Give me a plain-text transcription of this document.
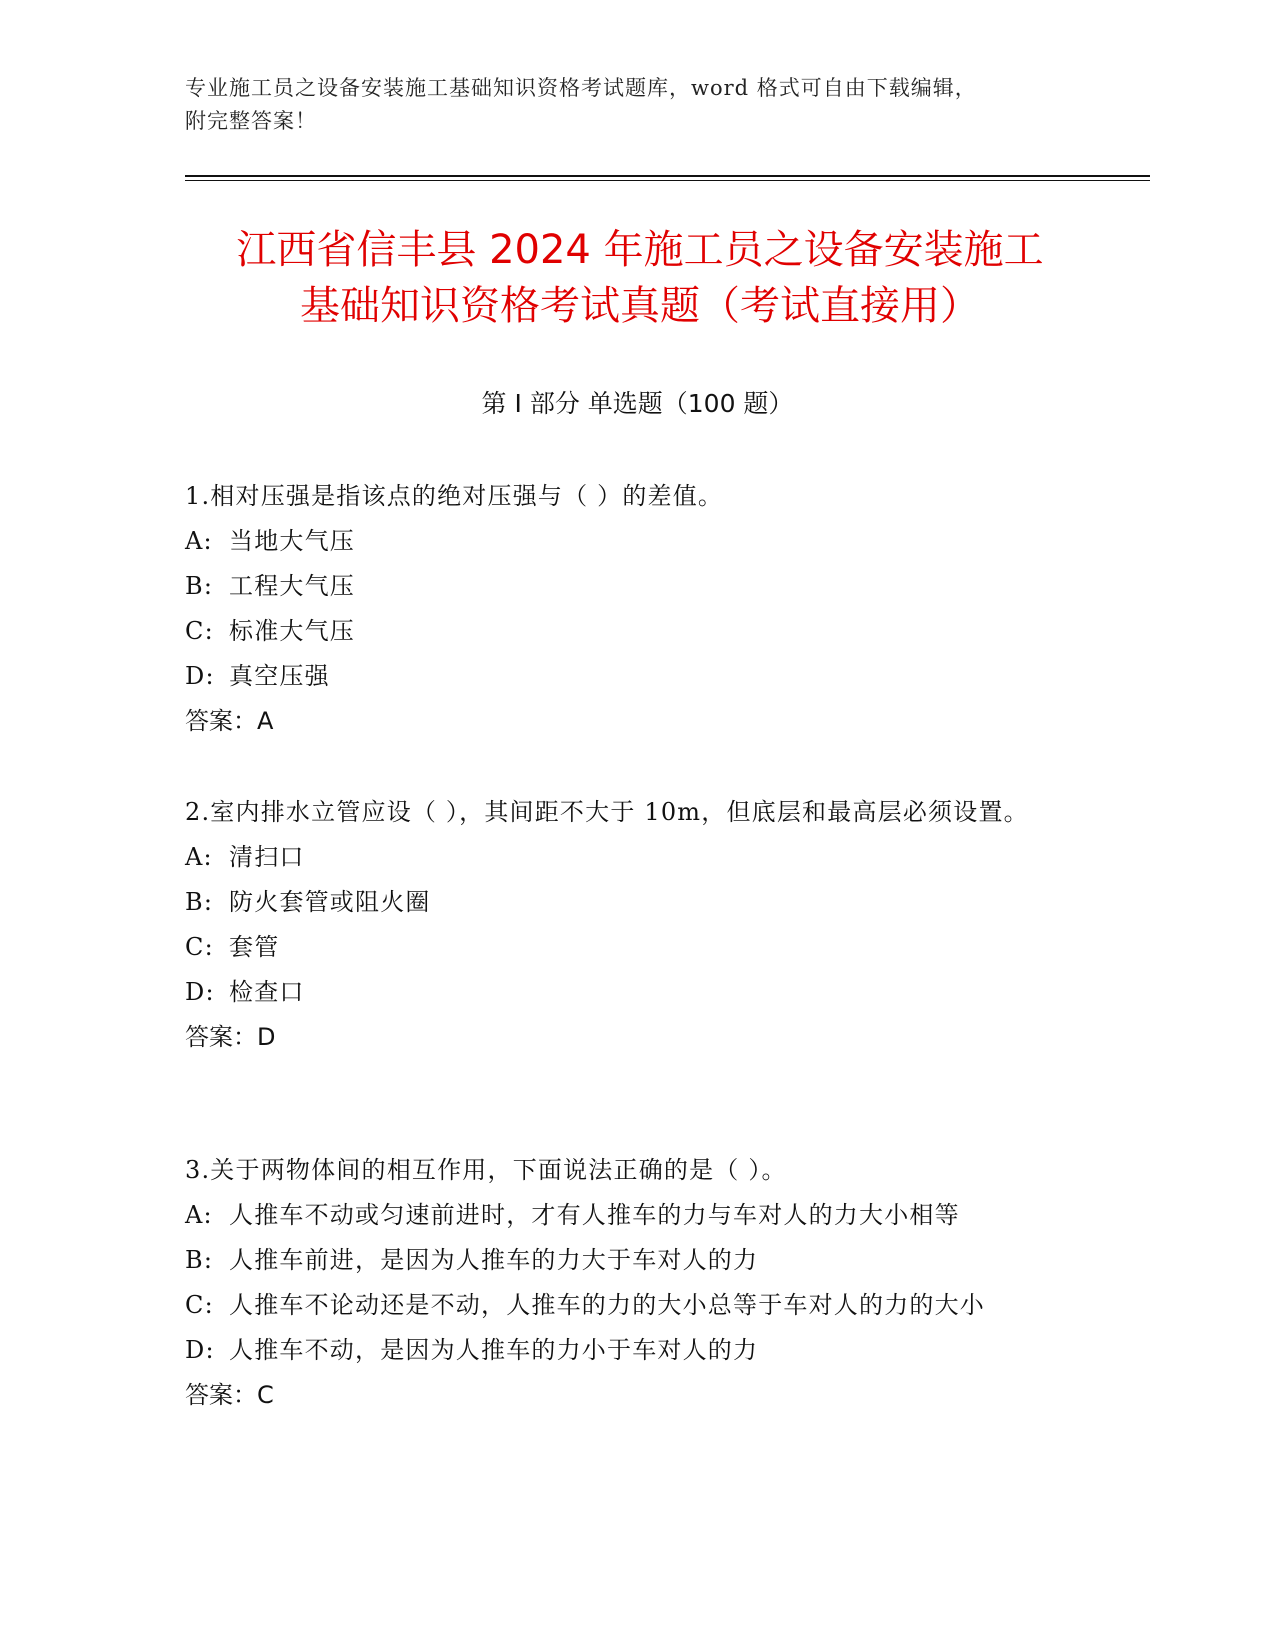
专业施工员之设备安装施工基础知识资格考试题库，word 格式可自由下载编辑，
附完整答案！
江西省信丰县 2024 年施工员之设备安装施工
基础知识资格考试真题（考试直接用）
第 I 部分 单选题（100 题）

1.相对压强是指该点的绝对压强与（ ）的差值。

A: 当地大气压

B: 工程大气压

C: 标准大气压

D: 真空压强

答案：A

2.室内排水立管应设（ ），其间距不大于 10m，但底层和最高层必须设置。

A: 清扫口

B: 防火套管或阻火圈

C: 套管

D: 检查口

答案：D

3.关于两物体间的相互作用，下面说法正确的是（ ）。

A: 人推车不动或匀速前进时，才有人推车的力与车对人的力大小相等

B: 人推车前进，是因为人推车的力大于车对人的力

C: 人推车不论动还是不动，人推车的力的大小总等于车对人的力的大小

D: 人推车不动，是因为人推车的力小于车对人的力

答案：C
